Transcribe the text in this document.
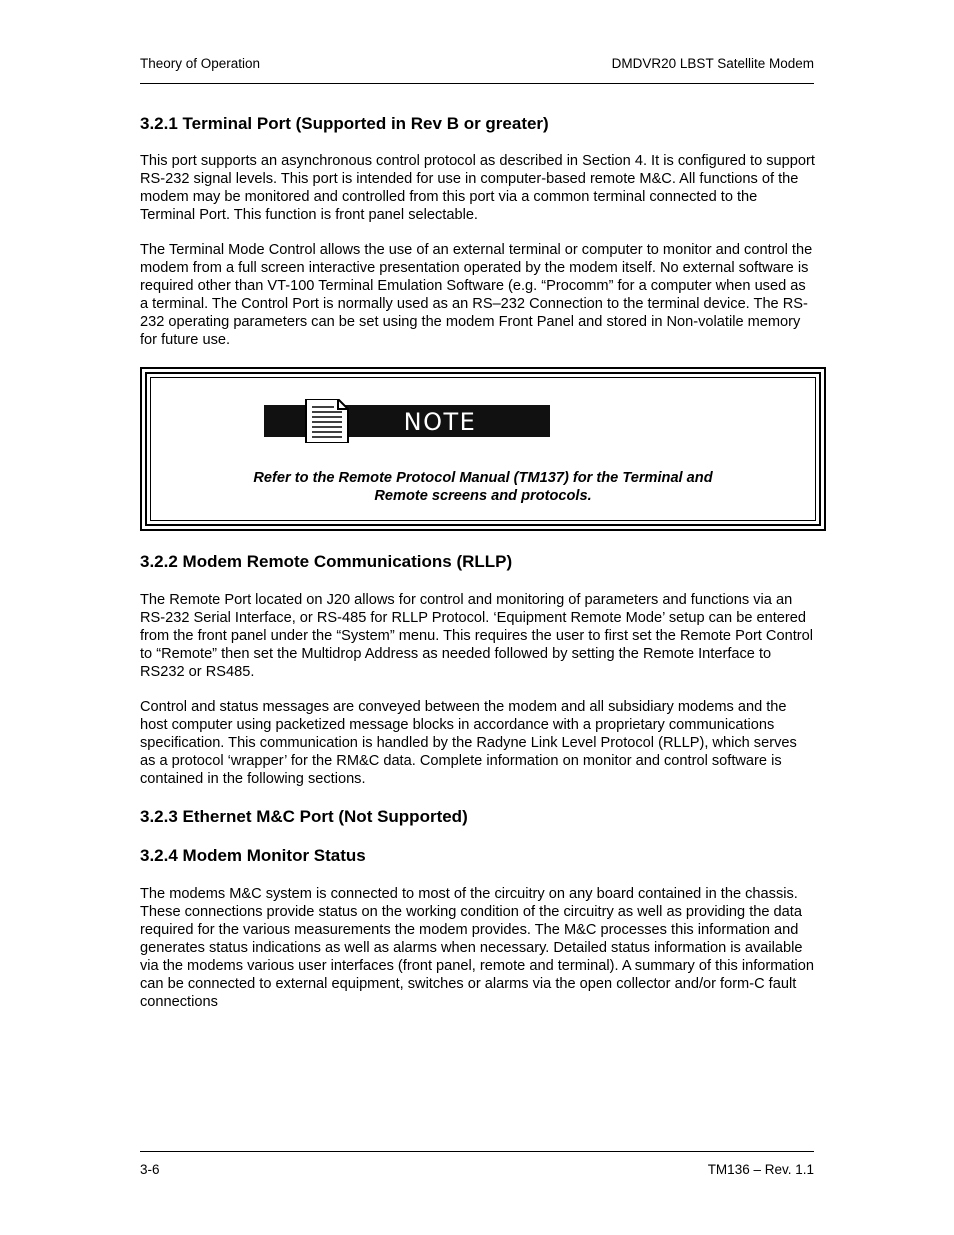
Theory of Operation	DMDVR20 LBST Satellite Modem
3.2.1 Terminal Port (Supported in Rev B or greater)

This port supports an asynchronous control protocol as described in Section 4. It is configured to support RS-232 signal levels. This port is intended for use in computer-based remote M&C. All functions of the modem may be monitored and controlled from this port via a common terminal connected to the Terminal Port. This function is front panel selectable.

The Terminal Mode Control allows the use of an external terminal or computer to monitor and control the modem from a full screen interactive presentation operated by the modem itself. No external software is required other than VT-100 Terminal Emulation Software (e.g. “Procomm” for a computer when used as a terminal. The Control Port is normally used as an RS–232 Connection to the terminal device. The RS-232 operating parameters can be set using the modem Front Panel and stored in Non-volatile memory for future use.

NOTE
Refer to the Remote Protocol Manual (TM137) for the Terminal and
Remote screens and protocols.
3.2.2 Modem Remote Communications (RLLP)

The Remote Port located on J20 allows for control and monitoring of parameters and functions via an RS-232 Serial Interface, or RS-485 for RLLP Protocol. ‘Equipment Remote Mode’ setup can be entered from the front panel under the “System” menu. This requires the user to first set the Remote Port Control to “Remote” then set the Multidrop Address as needed followed by setting the Remote Interface to RS232 or RS485.

Control and status messages are conveyed between the modem and all subsidiary modems and the host computer using packetized message blocks in accordance with a proprietary communications specification. This communication is handled by the Radyne Link Level Protocol (RLLP), which serves as a protocol ‘wrapper’ for the RM&C data. Complete information on monitor and control software is contained in the following sections.

3.2.3 Ethernet M&C Port (Not Supported)
3.2.4 Modem Monitor Status

The modems M&C system is connected to most of the circuitry on any board contained in the chassis. These connections provide status on the working condition of the circuitry as well as providing the data required for the various measurements the modem provides. The M&C processes this information and generates status indications as well as alarms when necessary. Detailed status information is available via the modems various user interfaces (front panel, remote and terminal). A summary of this information can be connected to external equipment, switches or alarms via the open collector and/or form-C fault connections

3-6	TM136 – Rev. 1.1
